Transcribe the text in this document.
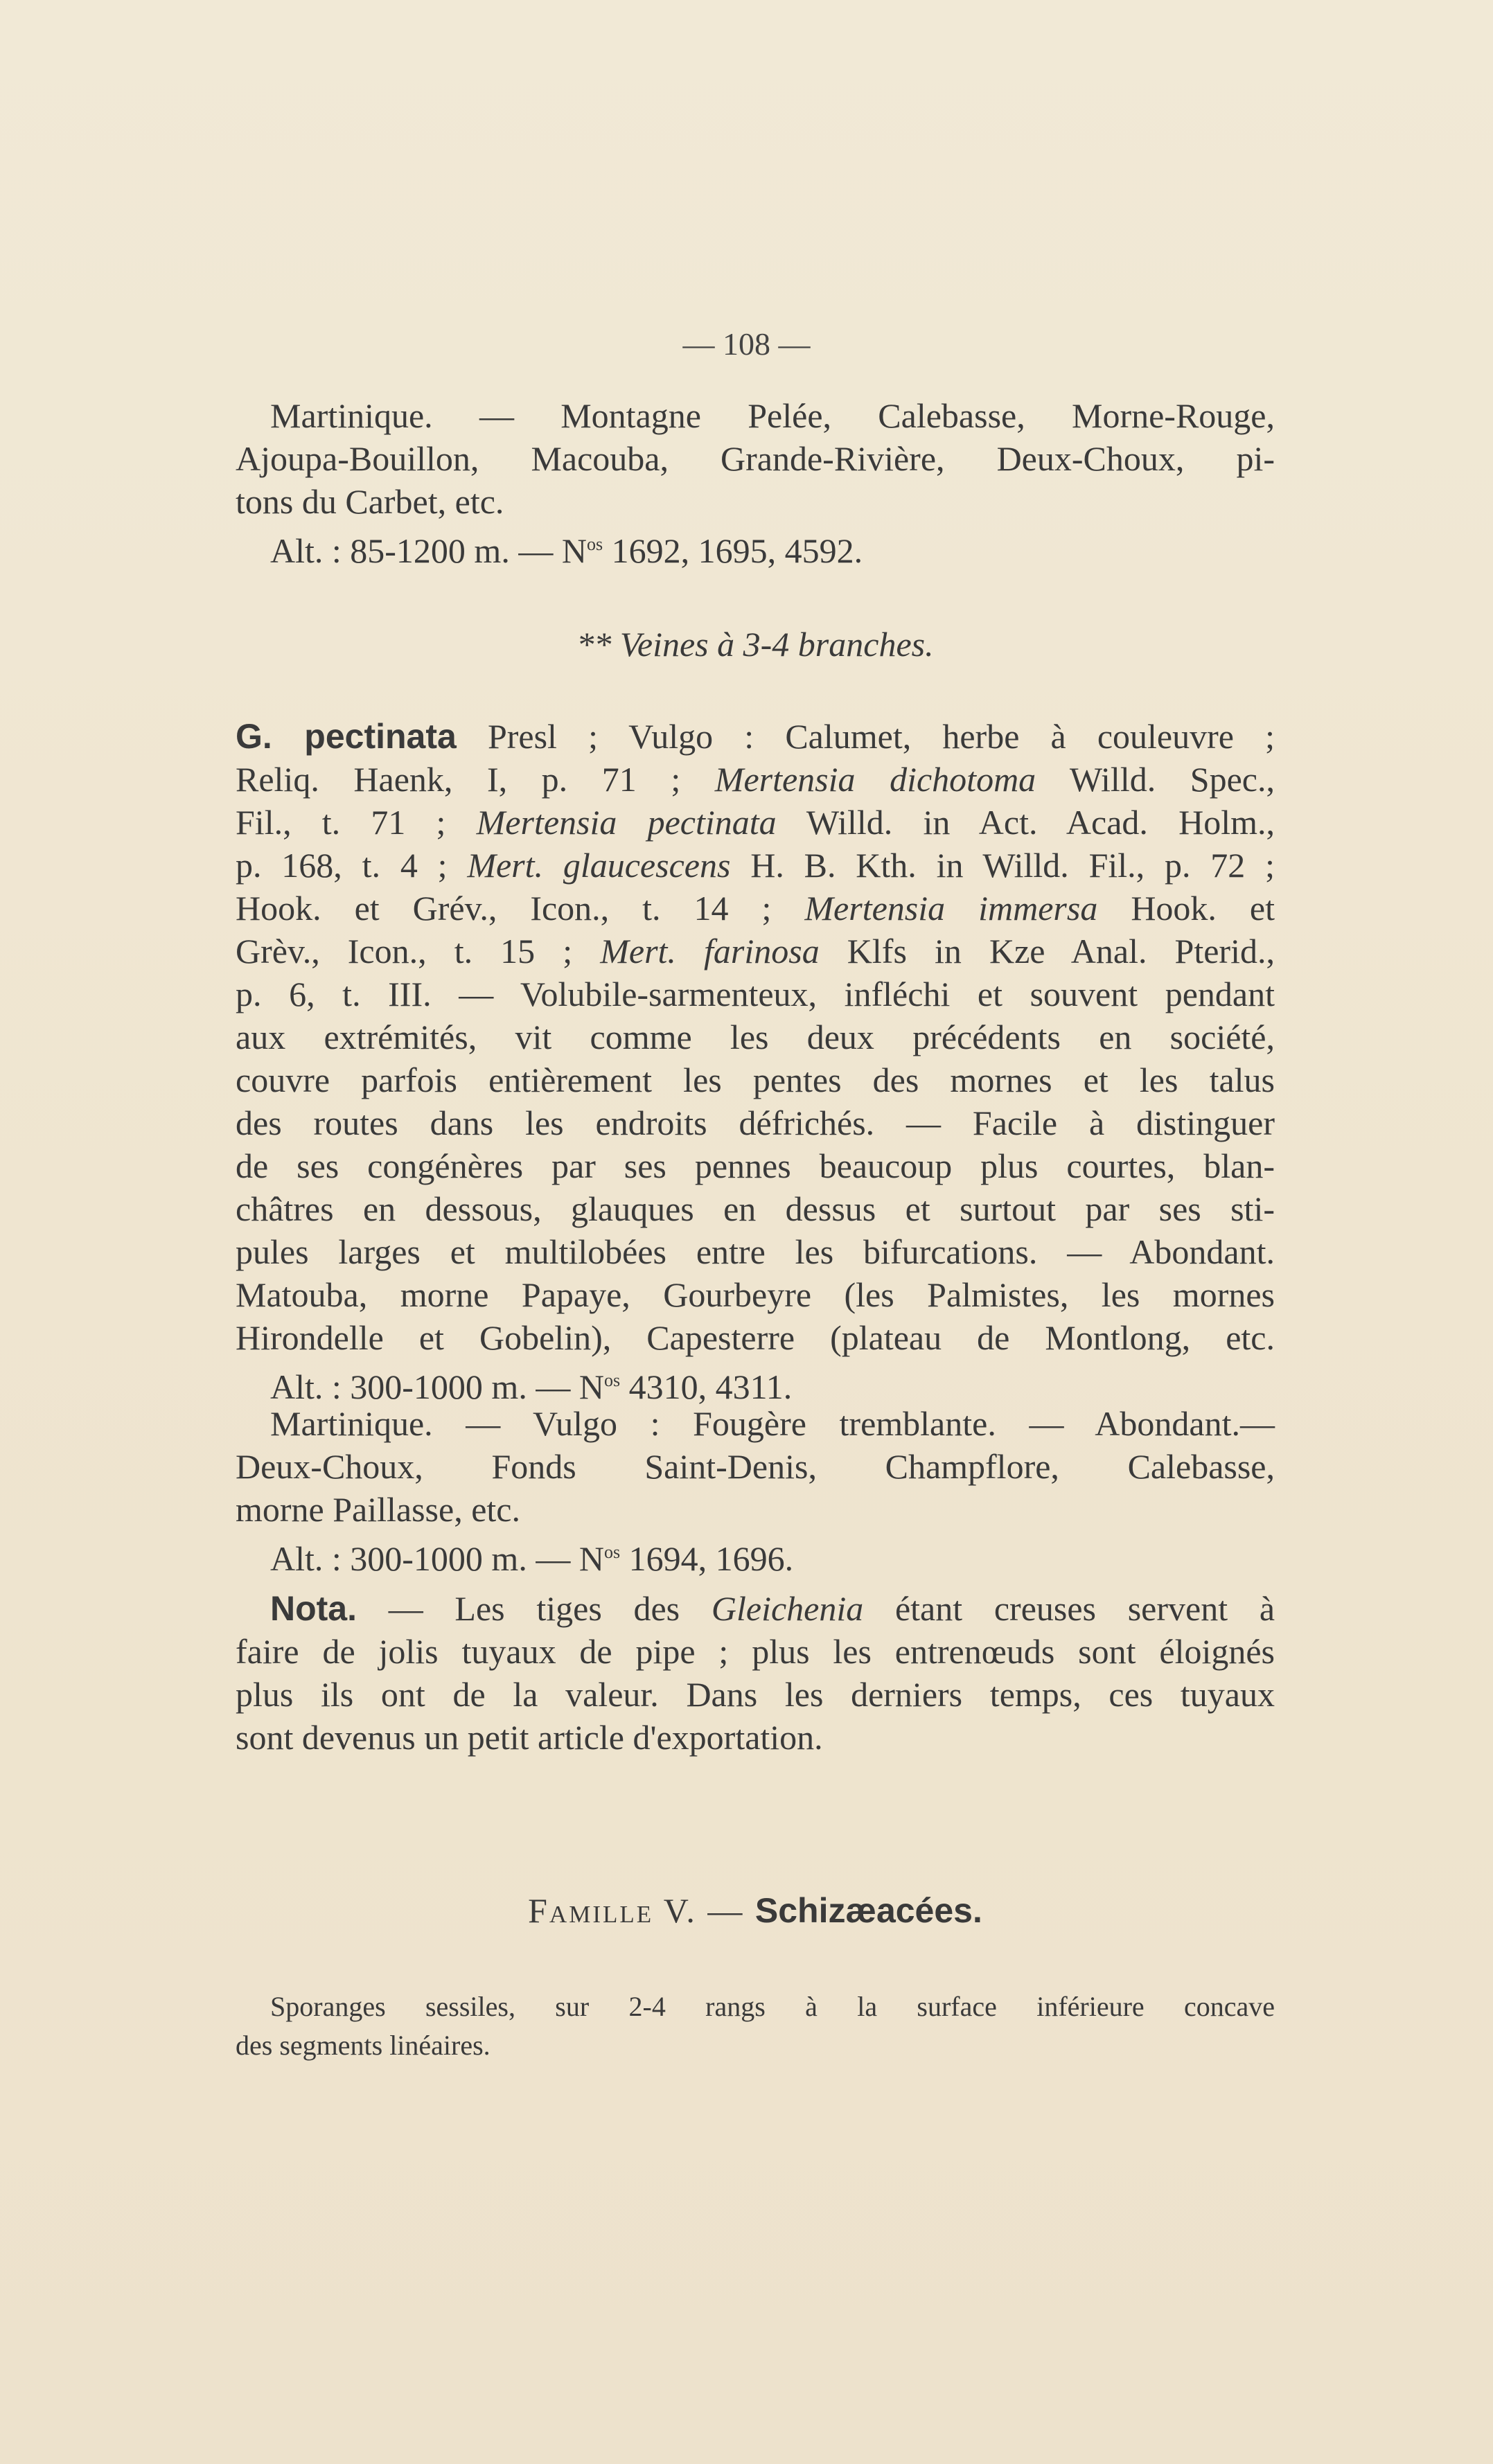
— 108 —
Martinique. — Montagne Pelée, Calebasse, Morne-Rouge,
Ajoupa-Bouillon, Macouba, Grande-Rivière, Deux-Choux, pi-
tons du Carbet, etc.
Alt. : 85-1200 m. — $N^{os}$ 1692, 1695, 4592.
** Veines à 3-4 branches.
G. pectinata Presl ; Vulgo : Calumet, herbe à couleuvre ;
Reliq. Haenk, I, p. 71 ; Mertensia dichotoma Willd. Spec.,
Fil., t. 71 ; Mertensia pectinata Willd. in Act. Acad. Holm.,
p. 168, t. 4 ; Mert. glaucescens H. B. Kth. in Willd. Fil., p. 72 ;
Hook. et Grév., Icon., t. 14 ; Mertensia immersa Hook. et
Grèv., Icon., t. 15 ; Mert. farinosa Klfs in Kze Anal. Pterid.,
p. 6, t. III. — Volubile-sarmenteux, infléchi et souvent pendant
aux extrémités, vit comme les deux précédents en société,
couvre parfois entièrement les pentes des mornes et les talus
des routes dans les endroits défrichés. — Facile à distinguer
de ses congénères par ses pennes beaucoup plus courtes, blan-
châtres en dessous, glauques en dessus et surtout par ses sti-
pules larges et multilobées entre les bifurcations. — Abondant.
Matouba, morne Papaye, Gourbeyre (les Palmistes, les mornes
Hirondelle et Gobelin), Capesterre (plateau de Montlong, etc.
Alt. : 300-1000 m. — $N^{os}$ 4310, 4311.
Martinique. — Vulgo : Fougère tremblante. — Abondant.—
Deux-Choux, Fonds Saint-Denis, Champflore, Calebasse,
morne Paillasse, etc.
Alt. : 300-1000 m. — $N^{os}$ 1694, 1696.
Nota. — Les tiges des Gleichenia étant creuses servent à
faire de jolis tuyaux de pipe ; plus les entrenœuds sont éloignés
plus ils ont de la valeur. Dans les derniers temps, ces tuyaux
sont devenus un petit article d'exportation.
Famille V. — Schizæacées.
Sporanges sessiles, sur 2-4 rangs à la surface inférieure concave
des segments linéaires.
